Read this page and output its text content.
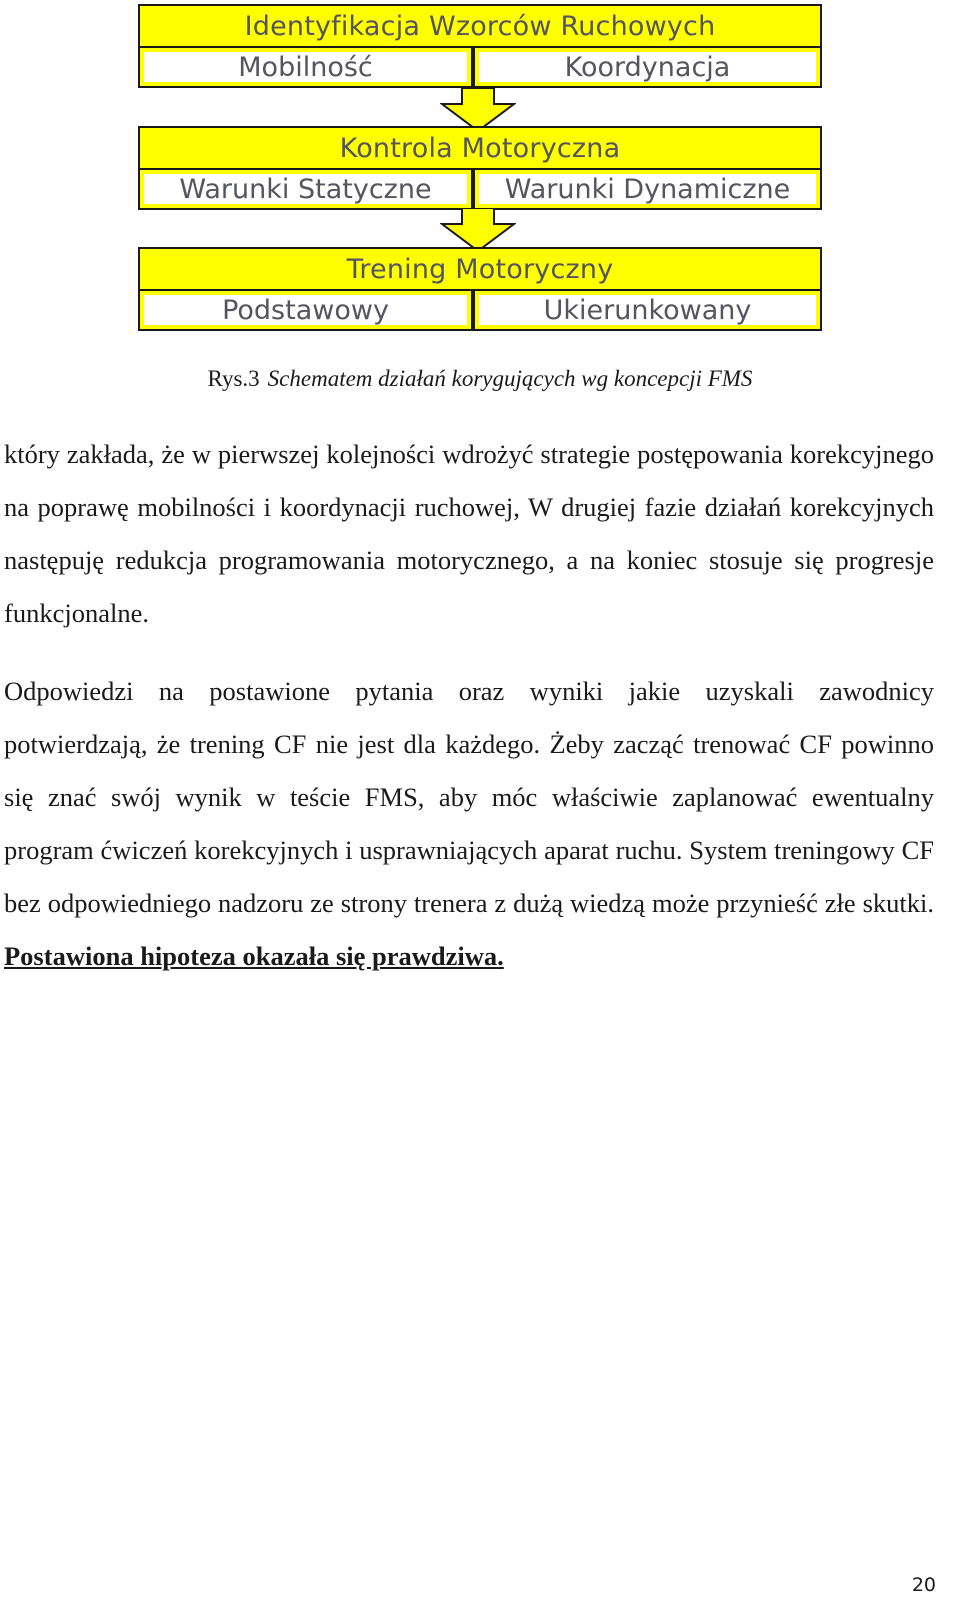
Identyfikacja Wzorców Ruchowych
Mobilność	Koordynacja
Kontrola Motoryczna
Warunki Statyczne	Warunki Dynamiczne
Trening Motoryczny
Podstawowy	Ukierunkowany
Rys.3 Schematem działań korygujących wg koncepcji FMS
który zakłada, że w pierwszej kolejności wdrożyć strategie postępowania korekcyjnego na poprawę mobilności i koordynacji ruchowej, W drugiej fazie działań korekcyjnych następuję redukcja programowania motorycznego, a na koniec stosuje się progresje funkcjonalne.
Odpowiedzi na postawione pytania oraz wyniki jakie uzyskali zawodnicy potwierdzają, że trening CF nie jest dla każdego. Żeby zacząć trenować CF powinno się znać swój wynik w teście FMS, aby móc właściwie zaplanować ewentualny program ćwiczeń korekcyjnych i usprawniających aparat ruchu. System treningowy CF bez odpowiedniego nadzoru ze strony trenera z dużą wiedzą może przynieść złe skutki. Postawiona hipoteza okazała się prawdziwa.
20
